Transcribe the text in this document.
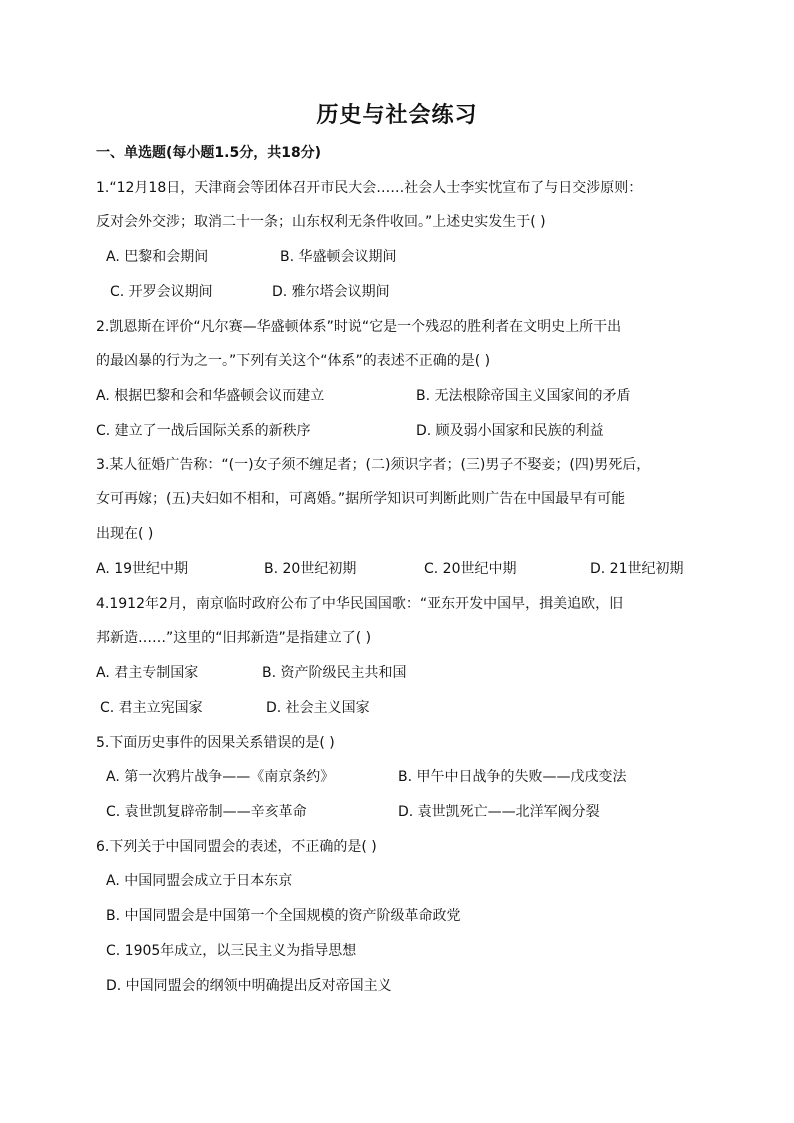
历史与社会练习
一、单选题(每小题1.5分，共18分)
1.“12月18日，天津商会等团体召开市民大会……社会人士李实忱宣布了与日交涉原则：
反对会外交涉；取消二十一条；山东权利无条件收回。”上述史实发生于( )
A. 巴黎和会期间	B. 华盛顿会议期间
C. 开罗会议期间	D. 雅尔塔会议期间
2.凯恩斯在评价“凡尔赛—华盛顿体系”时说“它是一个残忍的胜利者在文明史上所干出
的最凶暴的行为之一。”下列有关这个“体系”的表述不正确的是( )
A. 根据巴黎和会和华盛顿会议而建立	B. 无法根除帝国主义国家间的矛盾
C. 建立了一战后国际关系的新秩序	D. 顾及弱小国家和民族的利益
3.某人征婚广告称：“(一)女子须不缠足者；(二)须识字者；(三)男子不娶妾；(四)男死后，
女可再嫁；(五)夫妇如不相和，可离婚。”据所学知识可判断此则广告在中国最早有可能
出现在( )
A. 19世纪中期	B. 20世纪初期	C. 20世纪中期	D. 21世纪初期
4.1912年2月，南京临时政府公布了中华民国国歌：“亚东开发中国早，揖美追欧，旧
邦新造……”这里的“旧邦新造”是指建立了( )
A. 君主专制国家	B. 资产阶级民主共和国
C. 君主立宪国家	D. 社会主义国家
5.下面历史事件的因果关系错误的是( )
A. 第一次鸦片战争——《南京条约》	B. 甲午中日战争的失败——戊戌变法
C. 袁世凯复辟帝制——辛亥革命	D. 袁世凯死亡——北洋军阀分裂
6.下列关于中国同盟会的表述，不正确的是( )
A. 中国同盟会成立于日本东京
B. 中国同盟会是中国第一个全国规模的资产阶级革命政党
C. 1905年成立，以三民主义为指导思想
D. 中国同盟会的纲领中明确提出反对帝国主义
